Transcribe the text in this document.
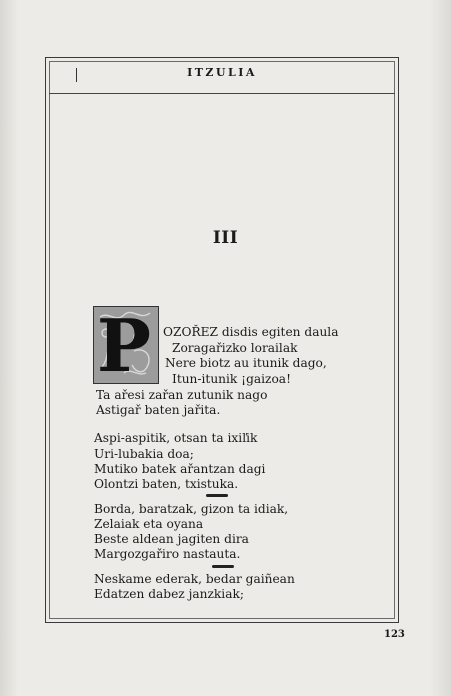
ITZULIA
III
P OZOŘEZ disdis egiten daula
Zoragařizko lorailak
Nere biotz au itunik dago,
Itun-itunik ¡gaizoa!
Ta ařesi zařan zutunik nago
Astigař baten jařita.
Aspi-aspitik, otsan ta ixiľik
Uri-lubakia doa;
Mutiko batek ařantzan dagi
Olontzi baten, txistuka.
Borda, baratzak, gizon ta idiak,
Zelaiak eta oyana
Beste aldean jagiten dira
Margozgařiro nastauta.
Neskame ederak, bedar gaiñean
Edatzen dabez janzkiak;
123
